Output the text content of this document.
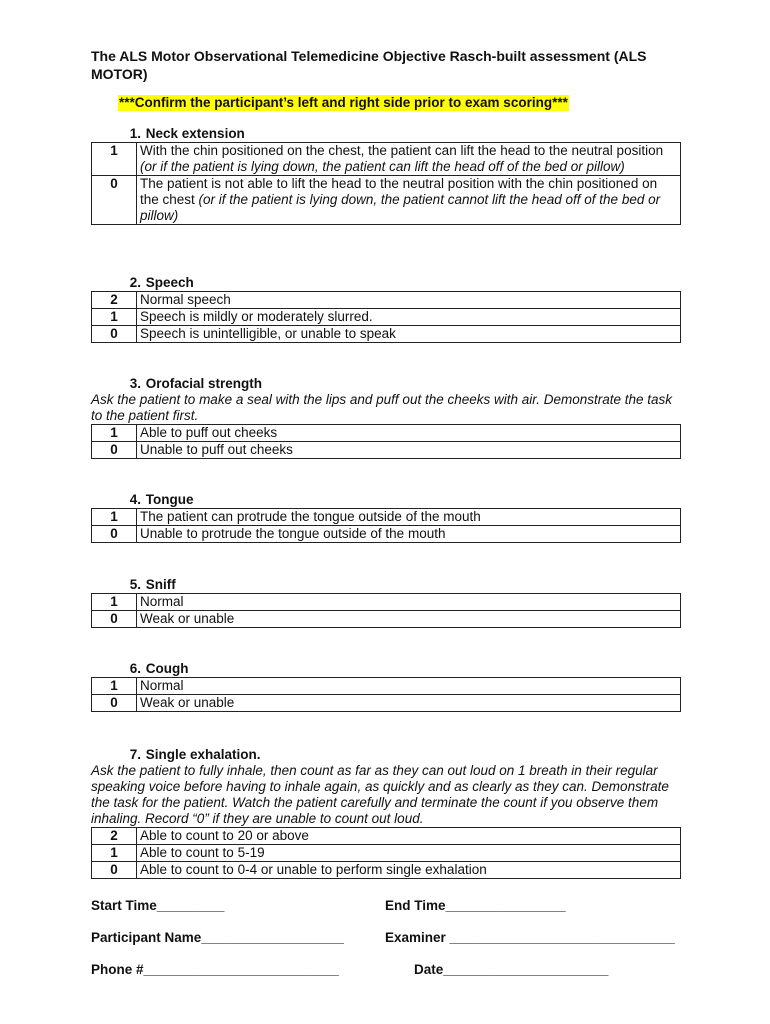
The ALS Motor Observational Telemedicine Objective Rasch-built assessment (ALS MOTOR)
***Confirm the participant’s left and right side prior to exam scoring***
1. Neck extension
1	With the chin positioned on the chest, the patient can lift the head to the neutral position (or if the patient is lying down, the patient can lift the head off of the bed or pillow)
0	The patient is not able to lift the head to the neutral position with the chin positioned on the chest (or if the patient is lying down, the patient cannot lift the head off of the bed or pillow)
2. Speech
2	Normal speech
1	Speech is mildly or moderately slurred.
0	Speech is unintelligible, or unable to speak
3. Orofacial strength
Ask the patient to make a seal with the lips and puff out the cheeks with air. Demonstrate the task to the patient first.
1	Able to puff out cheeks
0	Unable to puff out cheeks
4. Tongue
1	The patient can protrude the tongue outside of the mouth
0	Unable to protrude the tongue outside of the mouth
5. Sniff
1	Normal
0	Weak or unable
6. Cough
1	Normal
0	Weak or unable
7. Single exhalation.
Ask the patient to fully inhale, then count as far as they can out loud on 1 breath in their regular speaking voice before having to inhale again, as quickly and as clearly as they can. Demonstrate the task for the patient. Watch the patient carefully and terminate the count if you observe them inhaling. Record “0” if they are unable to count out loud.
2	Able to count to 20 or above
1	Able to count to 5-19
0	Able to count to 0-4 or unable to perform single exhalation
Start Time_________	End Time________________
Participant Name___________________	Examiner ______________________________
Phone #__________________________	Date______________________
